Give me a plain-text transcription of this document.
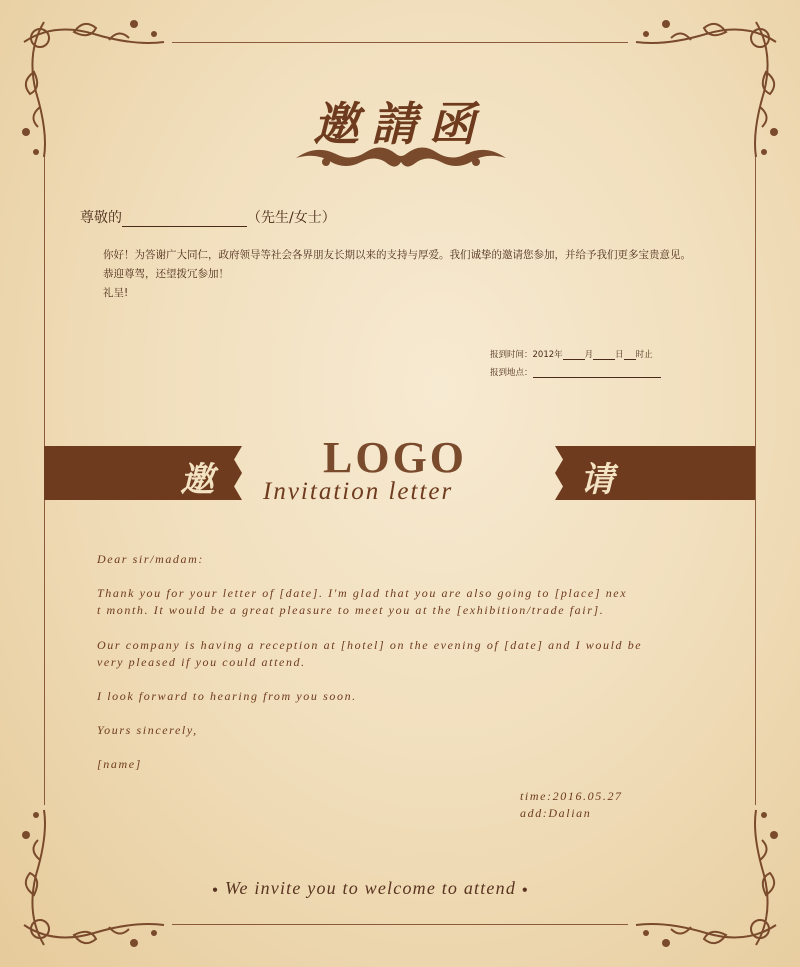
邀請函
尊敬的	（先生/女士）

你好！为答谢广大同仁，政府领导等社会各界朋友长期以来的支持与厚爱。我们诚挚的邀请您参加，并给予我们更多宝贵意见。

恭迎尊驾，还望拨冗参加！

礼呈!

报到时间：2012年	月	日 时止
报到地点：
邀	请
LOGO
Invitation letter
Dear sir/madam:
Thank you for your letter of [date]. I'm glad that you are also going to [place] nex
t month. It would be a great pleasure to meet you at the [exhibition/trade fair].
Our company is having a reception at [hotel] on the evening of [date] and I would be
very pleased if you could attend.
I look forward to hearing from you soon.
Yours sincerely,
[name]
time:2016.05.27
add:Dalian
● We invite you to welcome to attend ●
